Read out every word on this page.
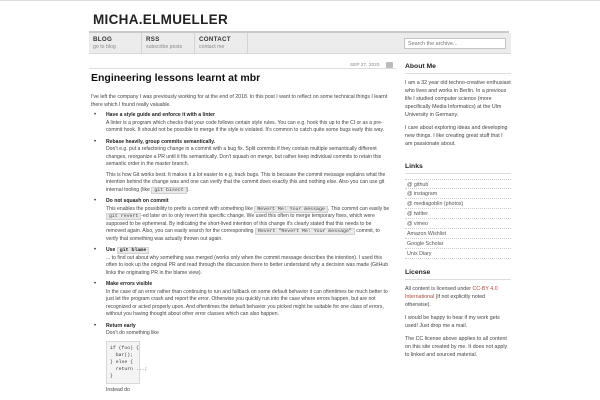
MICHA.ELMUELLER
BLOG
go to blog
RSS
subscribe posts
CONTACT
contact me
Search the archive...
SEP 27, 2020
Engineering lessons learnt at mbr
I've left the company I was previously working for at the end of 2018. In this post I want to reflect on some technical things I learnt there which I found really valuable.
• Have a style guide and enforce it with a linter
A linter is a program which checks that your code follows certain style rules. You can e.g. hook this up to the CI or as a pre-commit hook. It should not be possible to merge if the style is violated. It's common to catch quite some bugs early this way.
• Rebase heavily, group commits semantically.
Don't e.g. put a refactoring change in a commit with a bug fix. Split commits if they contain multiple semantically different changes, reorganize a PR until it fits semantically. Don't squash on merge, but rather keep individual commits to retain this semantic order in the master branch.
This is how Git works best. It makes it a lot easier to e.g. track bugs. This is because the commit message explains what the intention behind the change was and one can verify that the commit does exactly this and nothing else. Also you can use git internal tooling (like git bisect ).
• Do not squash on commit
This enables the possibility to prefix a commit with something like Revert Me: Your message . This commit can easily be git revert -ed later on to only revert this specific change. We used this often to merge temporary fixes, which were supposed to be ephemeral. By indicating the short-lived intention of this change it's clearly stated that this needs to be removed again. Also, you can easily search for the corresponding Revert "Revert Me: Your message" commit, to verify that something was actually thrown out again.
• Use git blame
... to find out about why something was merged (works only when the commit message describes the intention). I used this often to look up the original PR and read through the discussion there to better understand why a decision was made (GitHub links the originating PR in the blame view).
• Make errors visible
In the case of an error rather than continuing to run and fallback on some default behavior it can oftentimes be much better to just let the program crash and report the error. Otherwise you quickly run into the case where errors happen, but are not recognized or acted properly upon. And oftentimes the default behavior you picked might be suitable for one class of errors, without you having thought about other error classes which can also happen.
• Return early
Don't do something like
if (foo) {
bar();
} else {
return ...;
}
Instead do
About Me
I am a 32 year old techno-creative enthusiast who lives and works in Berlin. In a previous life I studied computer science (more specifically Media Informatics) at the Ulm University in Germany.
I care about exploring ideas and developing new things. I like creating great stuff that I am passionate about.
Links
@ github
@ instagram
@ mediagoblin (photos)
@ twitter
@ vimeo
Amazon Wishlist
Google Scholar
Unix Diary
License
All content is licensed under CC-BY 4.0 International (if not explicitly noted otherwise).
I would be happy to hear if my work gets used! Just drop me a mail.
The CC license above applies to all content on this site created by me. It does not apply to linked and sourced material.
